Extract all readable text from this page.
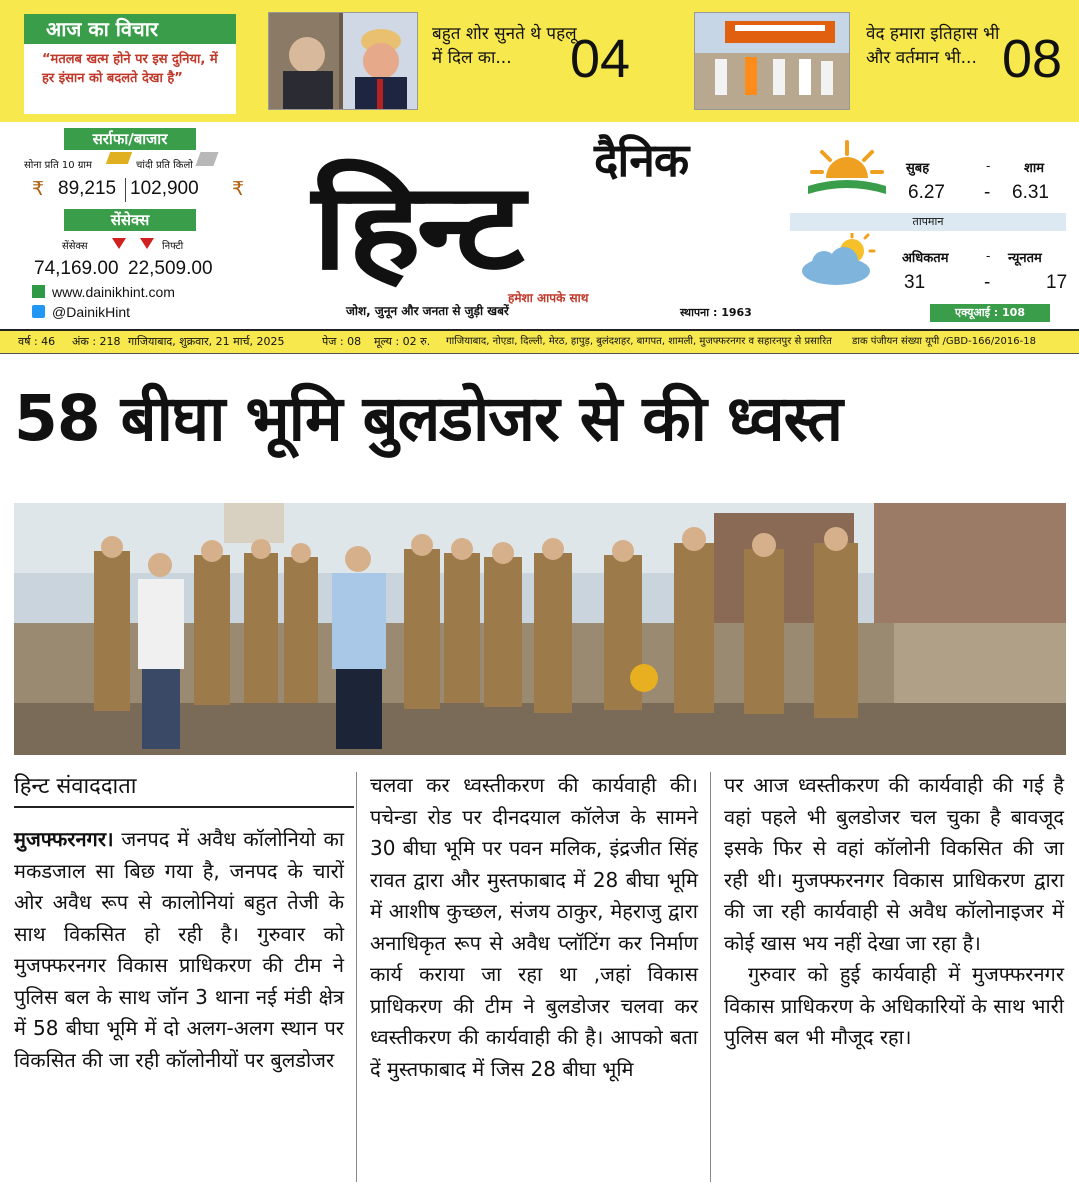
आज का विचार
“मतलब खत्म होने पर इस दुनिया, में हर इंसान को बदलते देखा है”
बहुत शोर सुनते थे पहलू में दिल का...	04	वेद हमारा इतिहास भी और वर्तमान भी... 08
सर्राफा/बाजार
सोना प्रति 10 ग्राम	चांदी प्रति किलो
₹ 89,215 102,900 ₹
सेंसेक्स
सेंसेक्स	निफ्टी
74,169.00 22,509.00
www.dainikhint.com
@DainikHint
दैनिक
हिन्ट
हमेशा आपके साथ
जोश, जुनून और जनता से जुड़ी खबरें	स्थापना : 1963
सुबह	-	शाम
6.27 - 6.31
तापमान
अधिकतम	- न्यूनतम
31	-	17
एक्यूआई : 108
वर्ष : 46 अंक : 218 गाजियाबाद, शुक्रवार, 21 मार्च, 2025	पेज : 08 मूल्य : 02 रु. गाजियाबाद, नोएडा, दिल्ली, मेरठ, हापुड़, बुलंदशहर, बागपत, शामली, मुजफ्फरनगर व सहारनपुर से प्रसारित डाक पंजीयन संख्या यूपी /GBD-166/2016-18
58 बीघा भूमि बुलडोजर से की ध्वस्त
हिन्ट संवाददाता

मुजफ्फरनगर। जनपद में अवैध कॉलोनियो का मकडजाल सा बिछ गया है, जनपद के चारों ओर अवैध रूप से कालोनियां बहुत तेजी के साथ विकसित हो रही है। गुरुवार को मुजफ्फरनगर विकास प्राधिकरण की टीम ने पुलिस बल के साथ जॉन 3 थाना नई मंडी क्षेत्र में 58 बीघा भूमि में दो अलग-अलग स्थान पर विकसित की जा रही कॉलोनीयों पर बुलडोजर

चलवा कर ध्वस्तीकरण की कार्यवाही की। पचेन्डा रोड पर दीनदयाल कॉलेज के सामने 30 बीघा भूमि पर पवन मलिक, इंद्रजीत सिंह रावत द्वारा और मुस्तफाबाद में 28 बीघा भूमि में आशीष कुच्छल, संजय ठाकुर, मेहराजु द्वारा अनाधिकृत रूप से अवैध प्लॉटिंग कर निर्माण कार्य कराया जा रहा था ,जहां विकास प्राधिकरण की टीम ने बुलडोजर चलवा कर ध्वस्तीकरण की कार्यवाही की है। आपको बता दें मुस्तफाबाद में जिस 28 बीघा भूमि

पर आज ध्वस्तीकरण की कार्यवाही की गई है वहां पहले भी बुलडोजर चल चुका है बावजूद इसके फिर से वहां कॉलोनी विकसित की जा रही थी। मुजफ्फरनगर विकास प्राधिकरण द्वारा की जा रही कार्यवाही से अवैध कॉलोनाइजर में कोई खास भय नहीं देखा जा रहा है।

गुरुवार को हुई कार्यवाही में मुजफ्फरनगर विकास प्राधिकरण के अधिकारियों के साथ भारी पुलिस बल भी मौजूद रहा।
